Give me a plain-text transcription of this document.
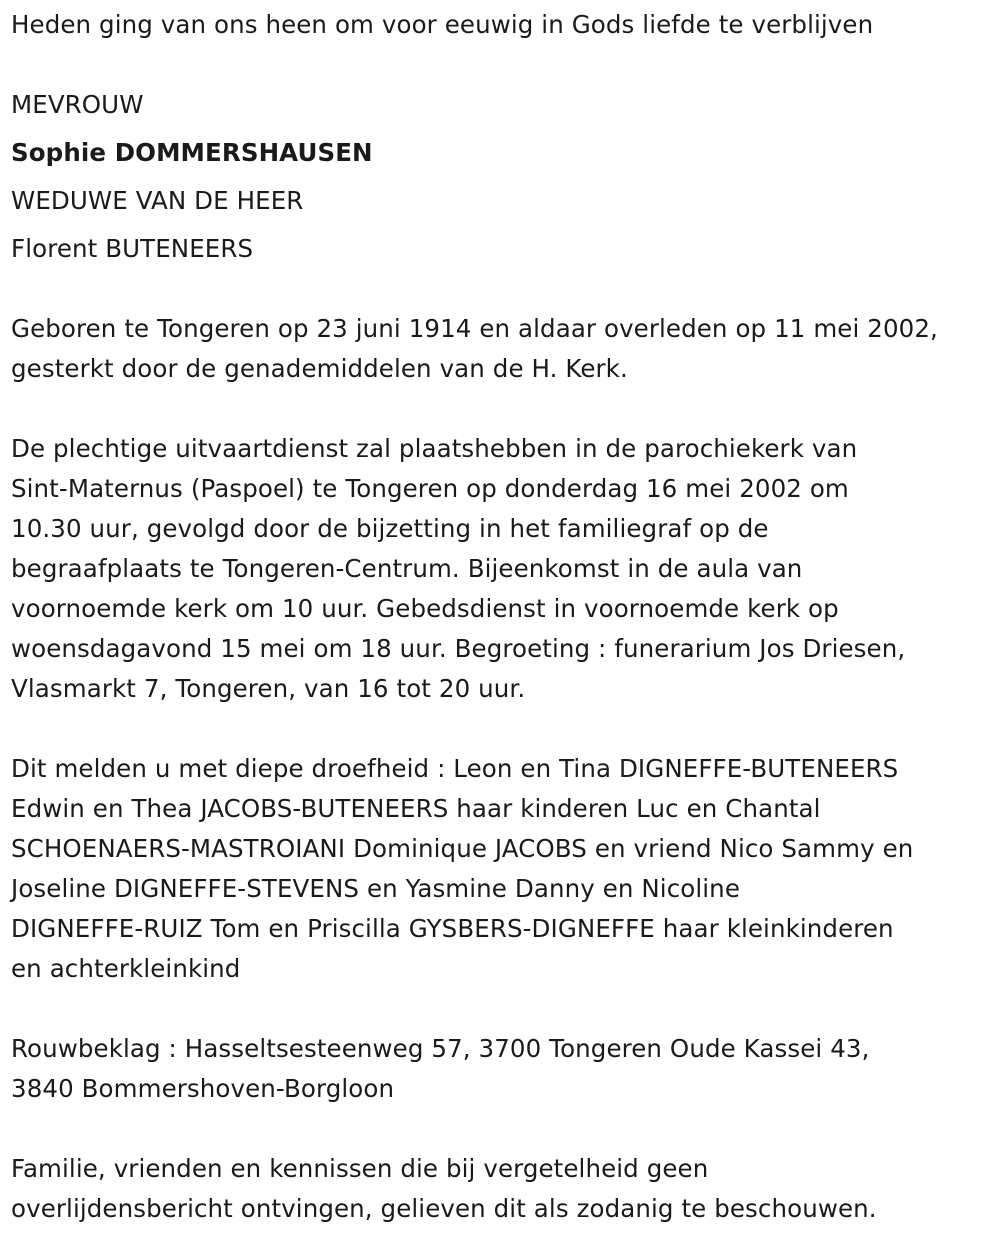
Heden ging van ons heen om voor eeuwig in Gods liefde te verblijven
MEVROUW
Sophie DOMMERSHAUSEN
WEDUWE VAN DE HEER
Florent BUTENEERS
Geboren te Tongeren op 23 juni 1914 en aldaar overleden op 11 mei 2002,
gesterkt door de genademiddelen van de H. Kerk.
De plechtige uitvaartdienst zal plaatshebben in de parochiekerk van
Sint-Maternus (Paspoel) te Tongeren op donderdag 16 mei 2002 om
10.30 uur, gevolgd door de bijzetting in het familiegraf op de
begraafplaats te Tongeren-Centrum. Bijeenkomst in de aula van
voornoemde kerk om 10 uur. Gebedsdienst in voornoemde kerk op
woensdagavond 15 mei om 18 uur. Begroeting : funerarium Jos Driesen,
Vlasmarkt 7, Tongeren, van 16 tot 20 uur.
Dit melden u met diepe droefheid : Leon en Tina DIGNEFFE-BUTENEERS
Edwin en Thea JACOBS-BUTENEERS haar kinderen Luc en Chantal
SCHOENAERS-MASTROIANI Dominique JACOBS en vriend Nico Sammy en
Joseline DIGNEFFE-STEVENS en Yasmine Danny en Nicoline
DIGNEFFE-RUIZ Tom en Priscilla GYSBERS-DIGNEFFE haar kleinkinderen
en achterkleinkind
Rouwbeklag : Hasseltsesteenweg 57, 3700 Tongeren Oude Kassei 43,
3840 Bommershoven-Borgloon
Familie, vrienden en kennissen die bij vergetelheid geen
overlijdensbericht ontvingen, gelieven dit als zodanig te beschouwen.
